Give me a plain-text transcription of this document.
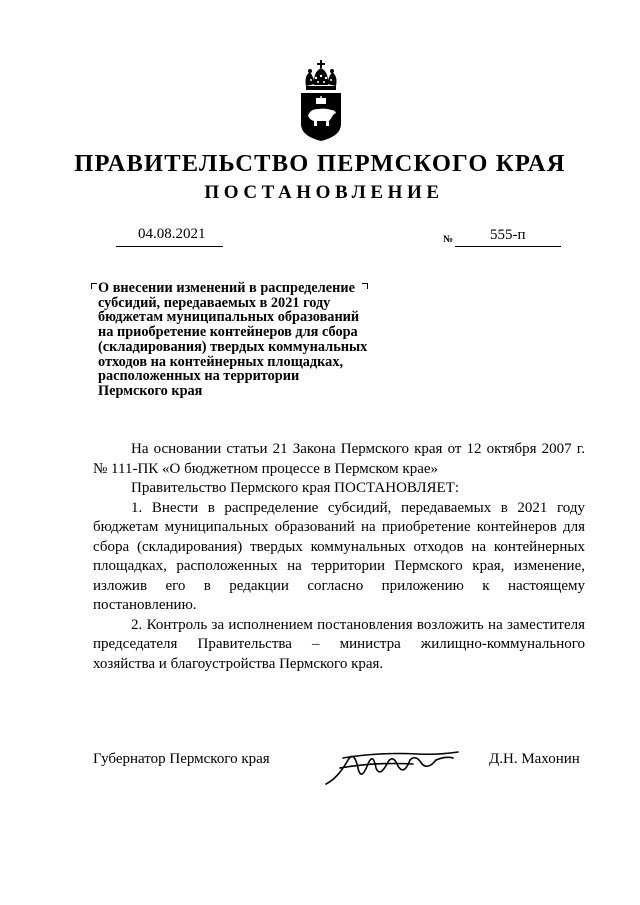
ПРАВИТЕЛЬСТВО ПЕРМСКОГО КРАЯ
ПОСТАНОВЛЕНИЕ
04.08.2021	№ 555-п
О внесении изменений в распределение
субсидий, передаваемых в 2021 году
бюджетам муниципальных образований
на приобретение контейнеров для сбора
(складирования) твердых коммунальных
отходов на контейнерных площадках,
расположенных на территории
Пермского края

На основании статьи 21 Закона Пермского края от 12 октября 2007 г. № 111-ПК «О бюджетном процессе в Пермском крае»

Правительство Пермского края ПОСТАНОВЛЯЕТ:

1. Внести в распределение субсидий, передаваемых в 2021 году бюджетам муниципальных образований на приобретение контейнеров для сбора (складирования) твердых коммунальных отходов на контейнерных площадках, расположенных на территории Пермского края, изменение, изложив его в редакции согласно приложению к настоящему постановлению.

2. Контроль за исполнением постановления возложить на заместителя председателя Правительства – министра жилищно-коммунального хозяйства и благоустройства Пермского края.

Губернатор Пермского края	Д.Н. Махонин
